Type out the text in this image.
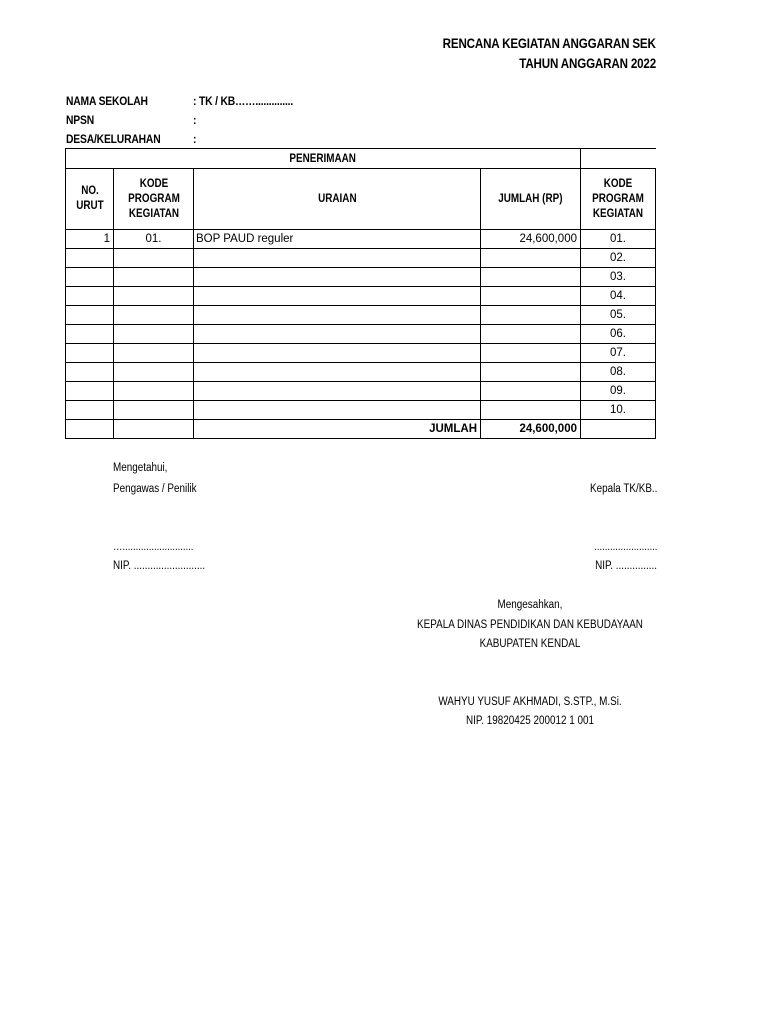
RENCANA KEGIATAN ANGGARAN SEK
TAHUN ANGGARAN 2022
NAMA SEKOLAH	: TK / KB……..............
NPSN	:
DESA/KELURAHAN	:
PENERIMAAN				
NO. URUT	KODE PROGRAM KEGIATAN	URAIAN	JUMLAH (RP)	KODE PROGRAM KEGIATAN
1	01.	BOP PAUD reguler	24,600,000	01.
				02.
				03.
				04.
				05.
				06.
				07.
				08.
				09.
				10.
		JUMLAH	24,600,000	
Mengetahui,
Pengawas / Penilik
…...........................
NIP. ..........................
Kepala TK/KB..
........................
NIP. ...............
Mengesahkan,
KEPALA DINAS PENDIDIKAN DAN KEBUDAYAAN
KABUPATEN KENDAL
WAHYU YUSUF AKHMADI, S.STP., M.Si.
NIP. 19820425 200012 1 001
